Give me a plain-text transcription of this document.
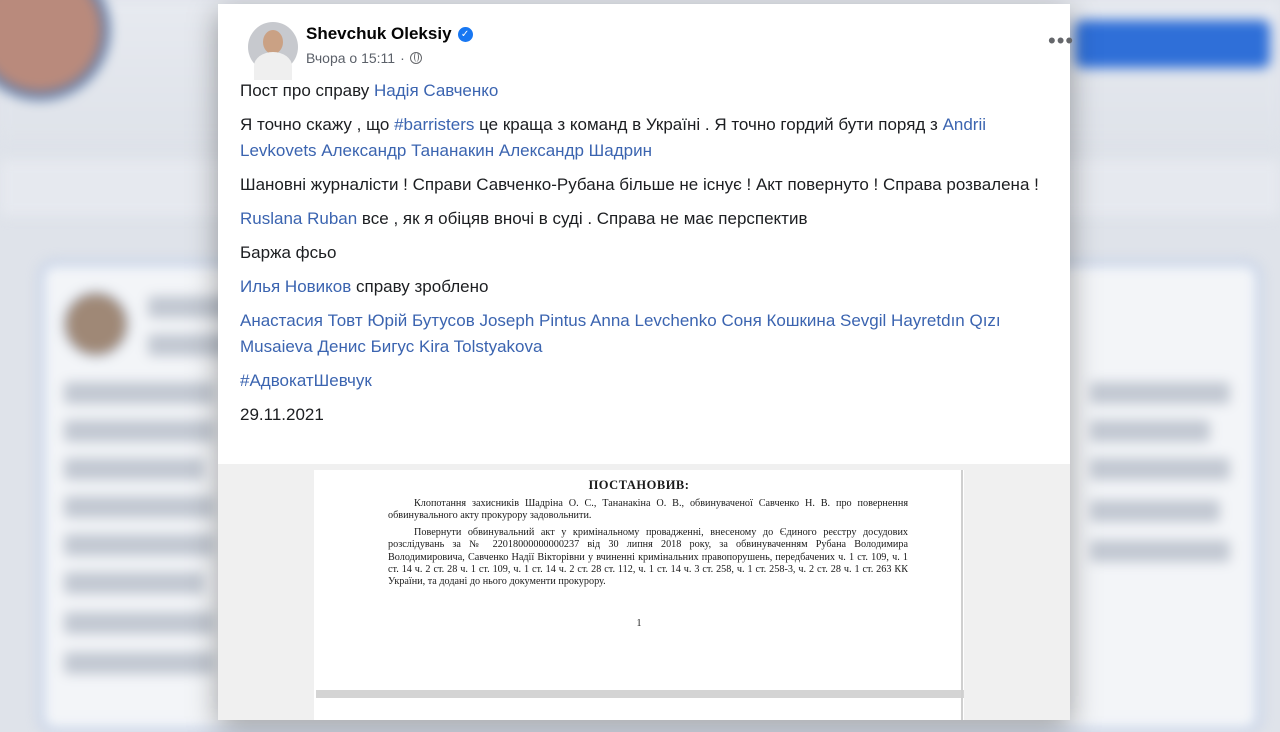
Shevchuk Oleksiy ✓
Вчора о 15:11 ·
•••

Пост про справу Надія Савченко

Я точно скажу , що #barristers це краща з команд в Україні . Я точно гордий бути поряд з Andrii Levkovets Александр Тананакин Александр Шадрин

Шановні журналісти ! Справи Савченко-Рубана більше не існує ! Акт повернуто ! Справа розвалена !

Ruslana Ruban все , як я обіцяв вночі в суді . Справа не має перспектив

Баржа фсьо

Илья Новиков справу зроблено

Анастасия Товт Юрій Бутусов Joseph Pintus Anna Levchenko Соня Кошкина Sevgil Hayretdın Qızı Musaieva Денис Бигус Kira Tolstyakova

#АдвокатШевчук

29.11.2021

ПОСТАНОВИВ:

Клопотання захисників Шадріна О. С., Тананакіна О. В., обвинуваченої Савченко Н. В. про повернення обвинувального акту прокурору задовольнити.

Повернути обвинувальний акт у кримінальному провадженні, внесеному до Єдиного реєстру досудових розслідувань за № 22018000000000237 від 30 липня 2018 року, за обвинуваченням Рубана Володимира Володимировича, Савченко Надії Вікторівни у вчиненні кримінальних правопорушень, передбачених ч. 1 ст. 109, ч. 1 ст. 14 ч. 2 ст. 28 ч. 1 ст. 109, ч. 1 ст. 14 ч. 2 ст. 28 ст. 112, ч. 1 ст. 14 ч. 3 ст. 258, ч. 1 ст. 258-3, ч. 2 ст. 28 ч. 1 ст. 263 КК України, та додані до нього документи прокурору.

1
